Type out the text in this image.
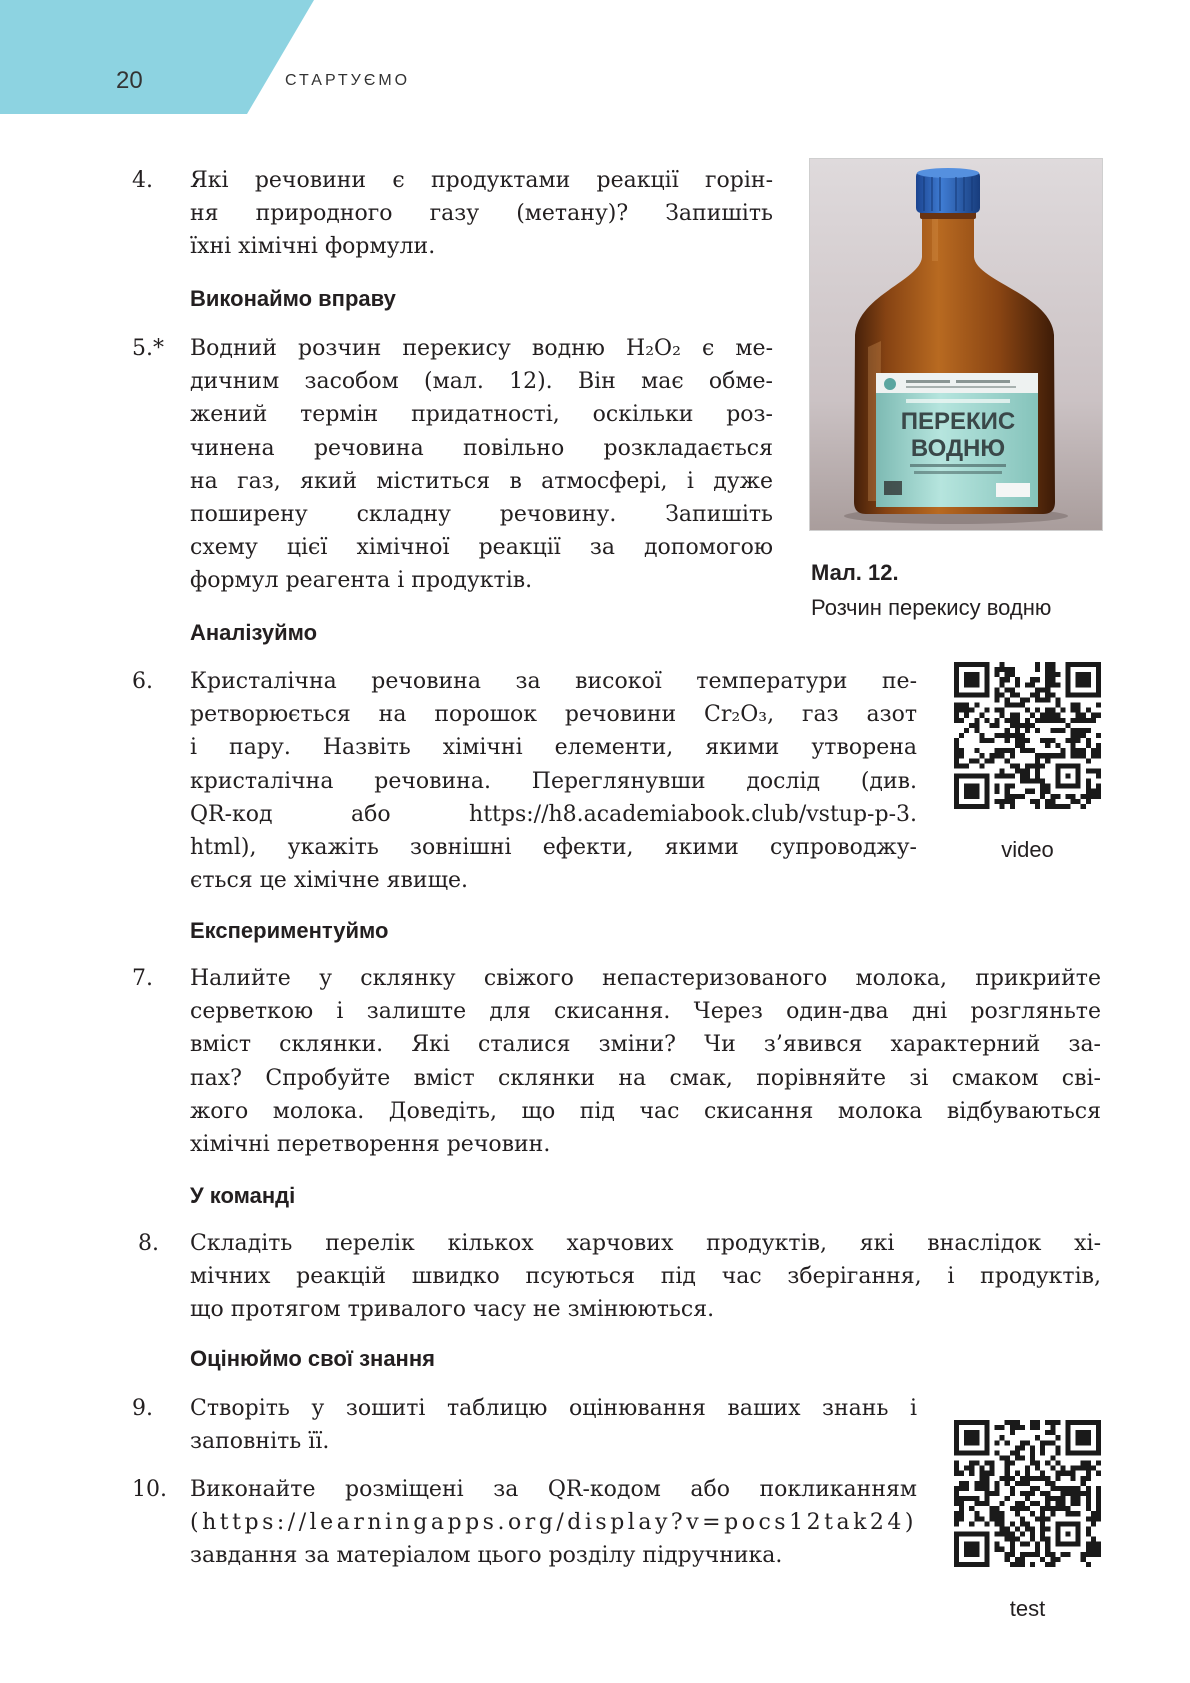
20	СТАРТУЄМО
4. Які речовини є продуктами реакції горін-
ня природного газу (метану)? Запишіть
їхні хімічні формули.
Виконаймо вправу
5.* Водний розчин перекису водню H₂O₂ є ме-
дичним засобом (мал. 12). Він має обме-
жений термін придатності, оскільки роз-
чинена речовина повільно розкладається
на газ, який міститься в атмосфері, і дуже
поширену складну речовину. Запишіть
схему цієї хімічної реакції за допомогою
формул реагента і продуктів.
ПЕРЕКИС
ВОДНЮ
Мал. 12.
Розчин перекису водню
Аналізуймо
6. Кристалічна речовина за високої температури пе-
ретворюється на порошок речовини Cr₂O₃, газ азот
і пару. Назвіть хімічні елементи, якими утворена
кристалічна речовина. Переглянувши дослід (див.
QR-код або https://h8.academiabook.club/vstup-p-3.
html), укажіть зовнішні ефекти, якими супроводжу-
ється це хімічне явище.
video
Експериментуймо
7. Налийте у склянку свіжого непастеризованого молока, прикрийте
серветкою і залиште для скисання. Через один-два дні розгляньте
вміст склянки. Які сталися зміни? Чи з’явився характерний за-
пах? Спробуйте вміст склянки на смак, порівняйте зі смаком сві-
жого молока. Доведіть, що під час скисання молока відбуваються
хімічні перетворення речовин.
У команді
8. Складіть перелік кількох харчових продуктів, які внаслідок хі-
мічних реакцій швидко псуються під час зберігання, і продуктів,
що протягом тривалого часу не змінюються.
Оцінюймо свої знання
9. Створіть у зошиті таблицю оцінювання ваших знань і
заповніть її.
10. Виконайте розміщені за QR-кодом або покликанням
(https://learningapps.org/display?v=pocs12tak24)
завдання за матеріалом цього розділу підручника.
test
